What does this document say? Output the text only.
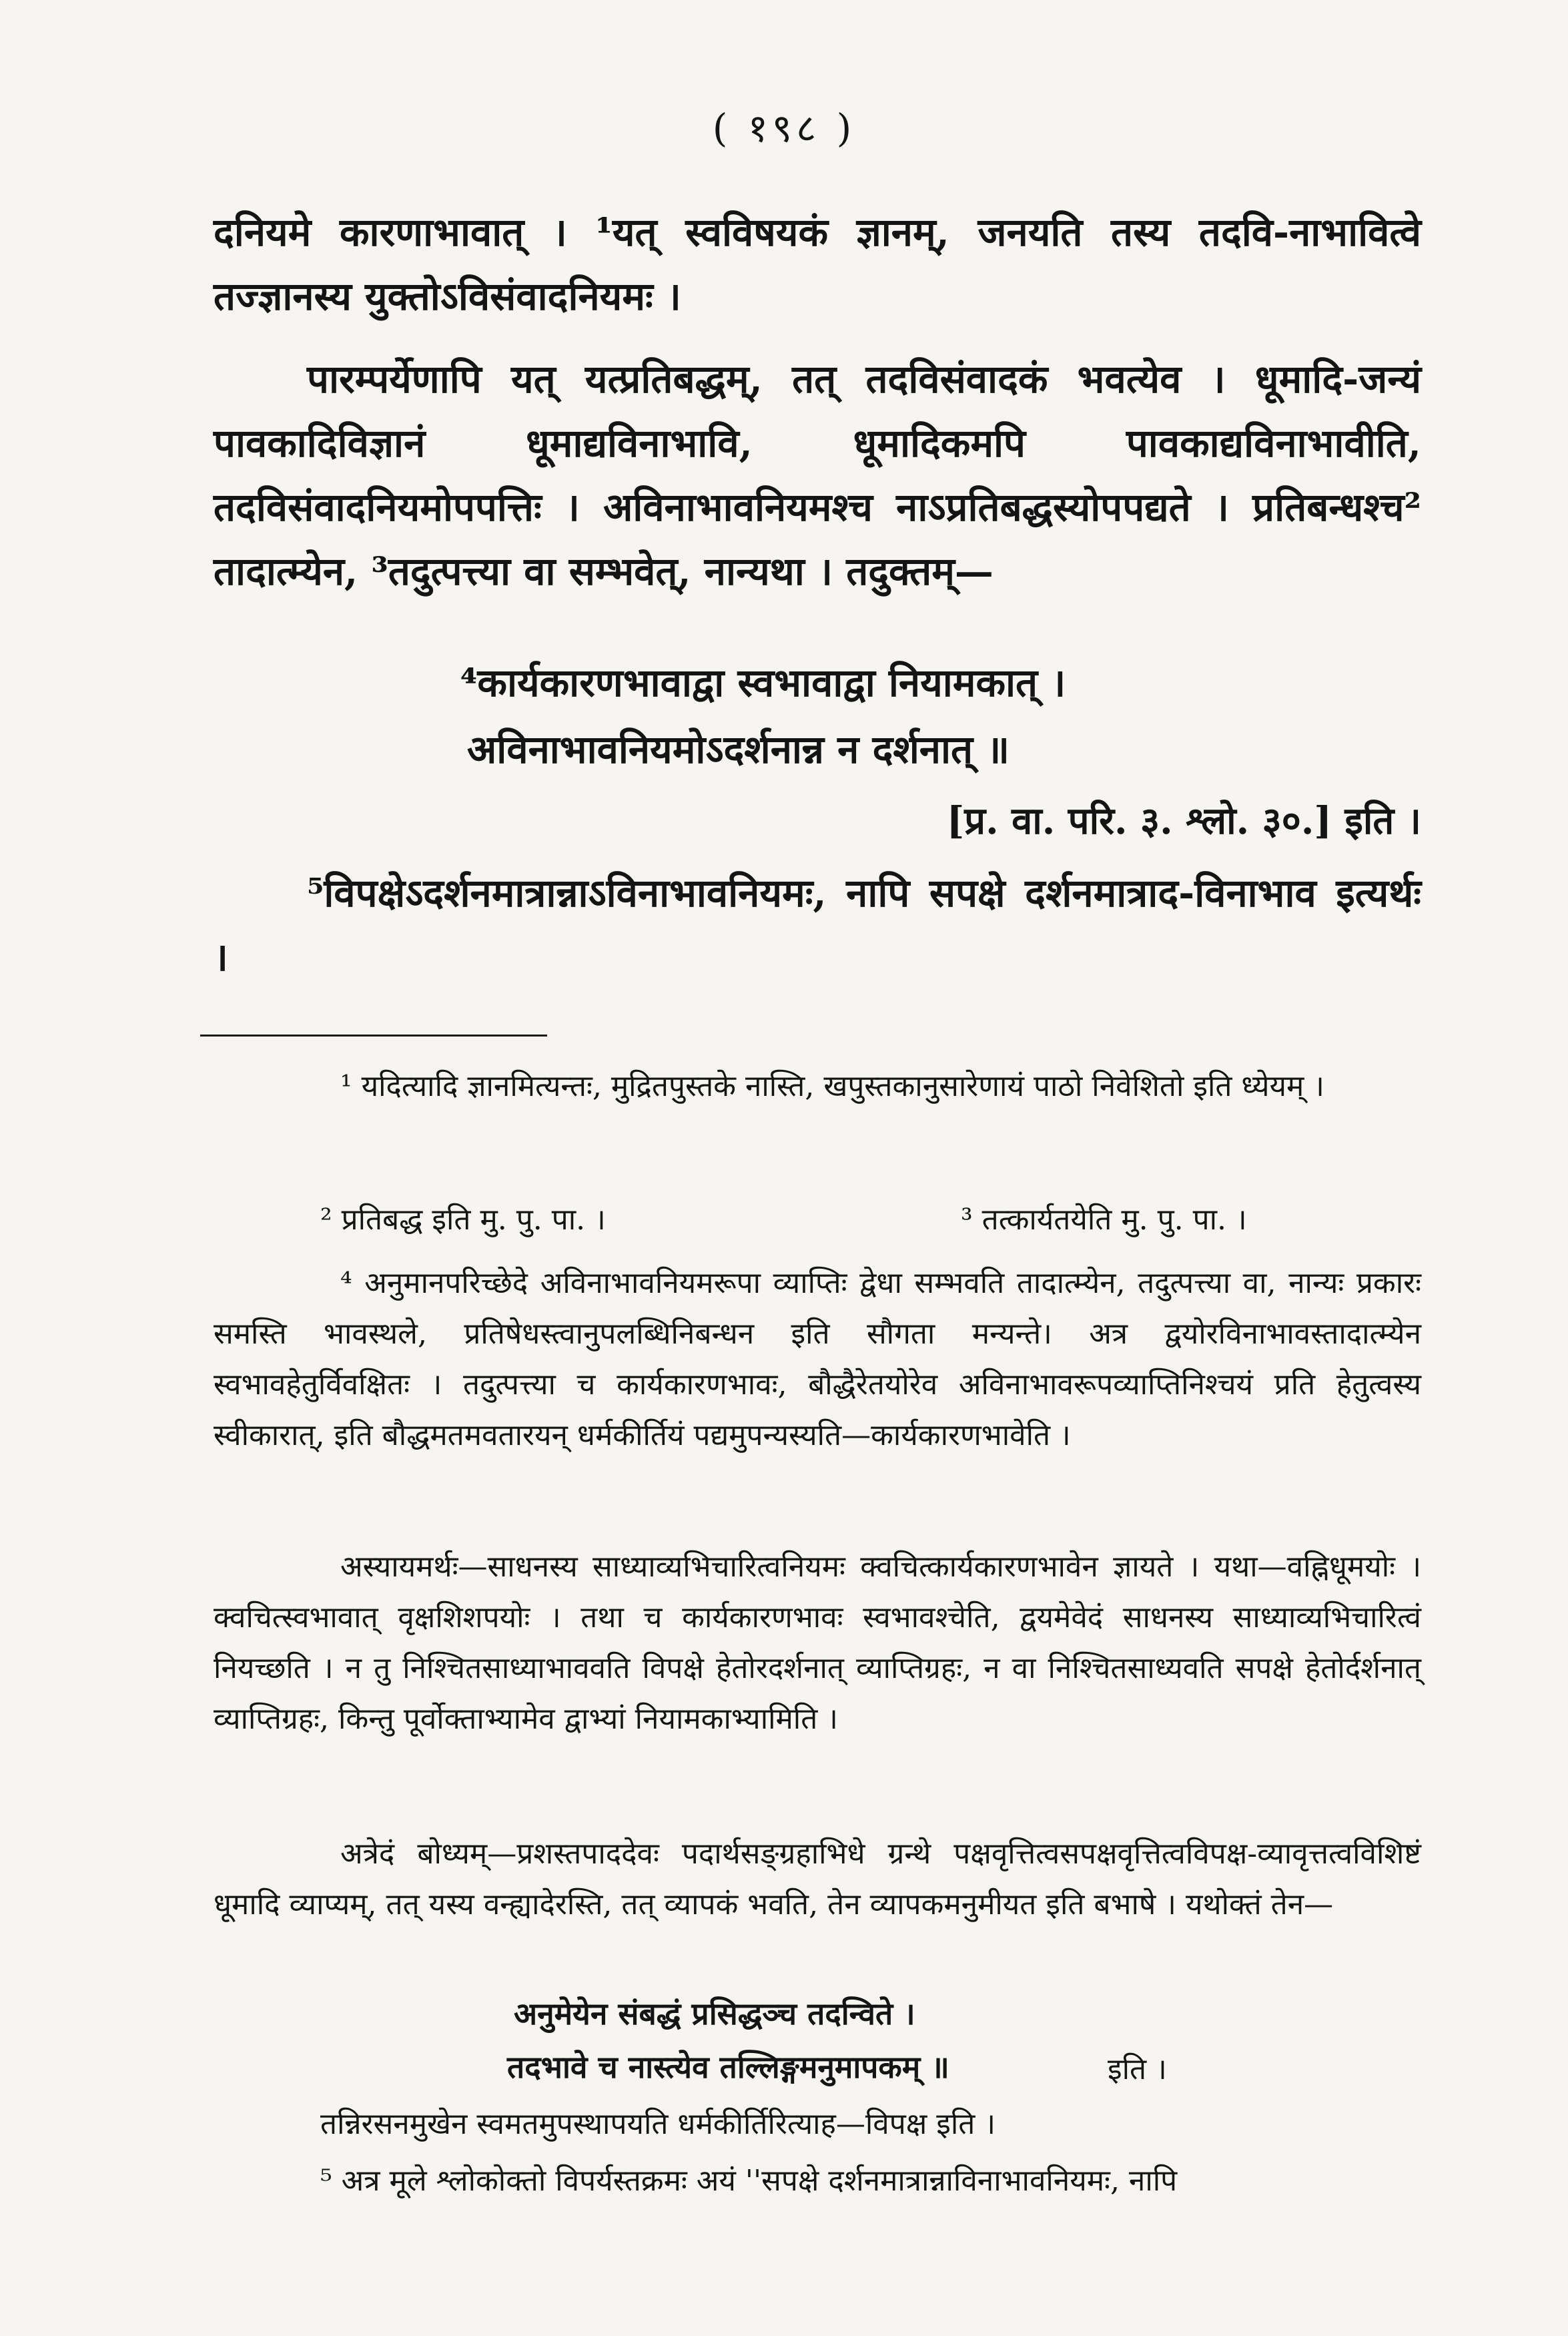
( १९८ )

दनियमे कारणाभावात् । ¹यत् स्वविषयकं ज्ञानम्, जनयति तस्य तदवि-नाभावित्वे तज्ज्ञानस्य युक्तोऽविसंवादनियमः ।

पारम्पर्येणापि यत् यत्प्रतिबद्धम्, तत् तदविसंवादकं भवत्येव । धूमादि-जन्यं पावकादिविज्ञानं धूमाद्यविनाभावि, धूमादिकमपि पावकाद्यविनाभावीति, तदविसंवादनियमोपपत्तिः । अविनाभावनियमश्च नाऽप्रतिबद्धस्योपपद्यते । प्रतिबन्धश्च² तादात्म्येन, ³तदुत्पत्त्या वा सम्भवेत्, नान्यथा । तदुक्तम्—

⁴कार्यकारणभावाद्वा स्वभावाद्वा नियामकात् ।
अविनाभावनियमोऽदर्शनान्न न दर्शनात् ॥
[प्र. वा. परि. ३. श्लो. ३०.] इति ।

⁵विपक्षेऽदर्शनमात्रान्नाऽविनाभावनियमः, नापि सपक्षे दर्शनमात्राद-विनाभाव इत्यर्थः ।

¹ यदित्यादि ज्ञानमित्यन्तः, मुद्रितपुस्तके नास्ति, खपुस्तकानुसारेणायं पाठो निवेशितो इति ध्येयम् ।

² प्रतिबद्ध इति मु. पु. पा. ।	³ तत्कार्यतयेति मु. पु. पा. ।

⁴ अनुमानपरिच्छेदे अविनाभावनियमरूपा व्याप्तिः द्वेधा सम्भवति तादात्म्येन, तदुत्पत्त्या वा, नान्यः प्रकारः समस्ति भावस्थले, प्रतिषेधस्त्वानुपलब्धिनिबन्धन इति सौगता मन्यन्ते। अत्र द्वयोरविनाभावस्तादात्म्येन स्वभावहेतुर्विवक्षितः । तदुत्पत्त्या च कार्यकारणभावः, बौद्धैरेतयोरेव अविनाभावरूपव्याप्तिनिश्चयं प्रति हेतुत्वस्य स्वीकारात्, इति बौद्धमतमवतारयन् धर्मकीर्तियं पद्यमुपन्यस्यति—कार्यकारणभावेति ।

अस्यायमर्थः—साधनस्य साध्याव्यभिचारित्वनियमः क्वचित्कार्यकारणभावेन ज्ञायते । यथा—वह्निधूमयोः । क्वचित्स्वभावात् वृक्षशिशपयोः । तथा च कार्यकारणभावः स्वभावश्चेति, द्वयमेवेदं साधनस्य साध्याव्यभिचारित्वं नियच्छति । न तु निश्चितसाध्याभाववति विपक्षे हेतोरदर्शनात् व्याप्तिग्रहः, न वा निश्चितसाध्यवति सपक्षे हेतोर्दर्शनात् व्याप्तिग्रहः, किन्तु पूर्वोक्ताभ्यामेव द्वाभ्यां नियामकाभ्यामिति ।

अत्रेदं बोध्यम्—प्रशस्तपाददेवः पदार्थसङ्ग्रहाभिधे ग्रन्थे पक्षवृत्तित्वसपक्षवृत्तित्वविपक्ष-व्यावृत्तत्वविशिष्टं धूमादि व्याप्यम्, तत् यस्य वन्ह्यादेरस्ति, तत् व्यापकं भवति, तेन व्यापकमनुमीयत इति बभाषे । यथोक्तं तेन—

अनुमेयेन संबद्धं प्रसिद्धञ्च तदन्विते ।
तदभावे च नास्त्येव तल्लिङ्गमनुमापकम् ॥	इति ।
तन्निरसनमुखेन स्वमतमुपस्थापयति धर्मकीर्तिरित्याह—विपक्ष इति ।
⁵ अत्र मूले श्लोकोक्तो विपर्यस्तक्रमः अयं ''सपक्षे दर्शनमात्रान्नाविनाभावनियमः, नापि
